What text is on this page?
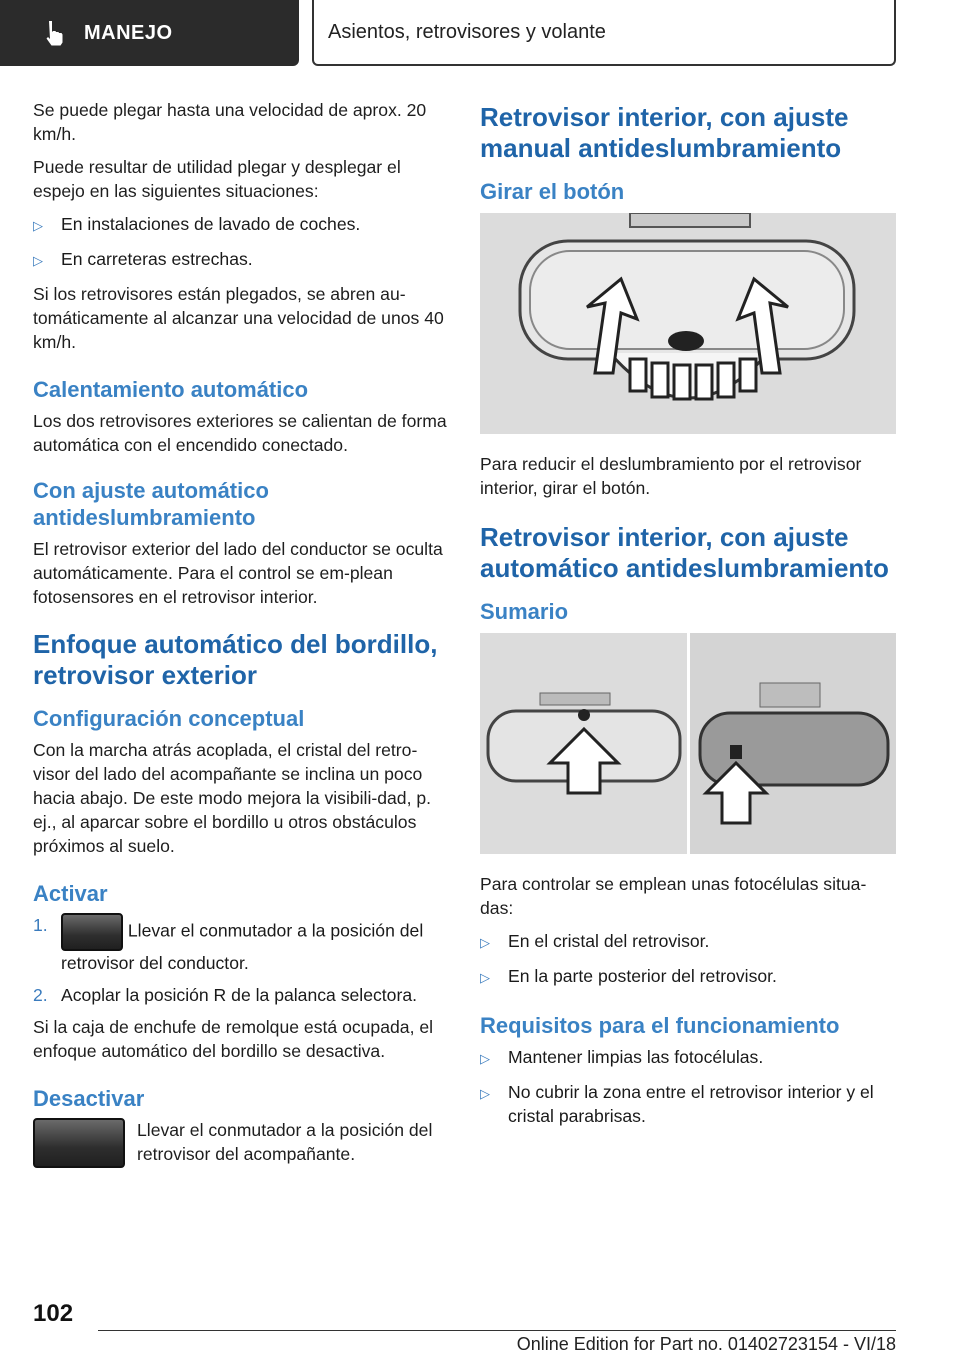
MANEJO	Asientos, retrovisores y volante

Se puede plegar hasta una velocidad de aprox. 20 km/h.

Puede resultar de utilidad plegar y desplegar el espejo en las siguientes situaciones:

▷	En instalaciones de lavado de coches.
▷	En carreteras estrechas.

Si los retrovisores están plegados, se abren au-tomáticamente al alcanzar una velocidad de unos 40 km/h.

Calentamiento automático

Los dos retrovisores exteriores se calientan de forma automática con el encendido conectado.

Con ajuste automático antideslumbramiento

El retrovisor exterior del lado del conductor se oculta automáticamente. Para el control se em-plean fotosensores en el retrovisor interior.

Enfoque automático del bordillo, retrovisor exterior
Configuración conceptual

Con la marcha atrás acoplada, el cristal del retro-visor del lado del acompañante se inclina un poco hacia abajo. De este modo mejora la visibili-dad, p. ej., al aparcar sobre el bordillo u otros obstáculos próximos al suelo.

Activar
1.	Llevar el conmutador a la posición del retrovisor del conductor.
2. Acoplar la posición R de la palanca selectora.

Si la caja de enchufe de remolque está ocupada, el enfoque automático del bordillo se desactiva.

Desactivar

Llevar el conmutador a la posición del retrovisor del acompañante.

Retrovisor interior, con ajuste manual antideslumbramiento
Girar el botón

Para reducir el deslumbramiento por el retrovisor interior, girar el botón.

Retrovisor interior, con ajuste automático antideslumbramiento
Sumario

Para controlar se emplean unas fotocélulas situa-das:

▷	En el cristal del retrovisor.
▷	En la parte posterior del retrovisor.
Requisitos para el funcionamiento
▷	Mantener limpias las fotocélulas.
▷	No cubrir la zona entre el retrovisor interior y el cristal parabrisas.
102
Online Edition for Part no. 01402723154 - VI/18
